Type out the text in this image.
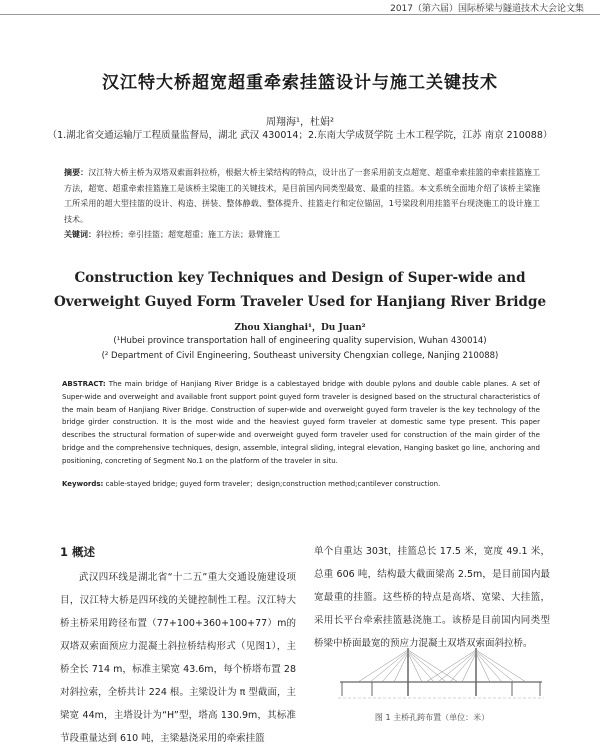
2017（第六届）国际桥梁与隧道技术大会论文集
汉江特大桥超宽超重牵索挂篮设计与施工关键技术
周翔海¹，杜娟²
（1.湖北省交通运输厅工程质量监督局，湖北 武汉 430014；2.东南大学成贤学院 土木工程学院，江苏 南京 210088）
摘要：汉江特大桥主桥为双塔双索面斜拉桥，根据大桥主梁结构的特点，设计出了一套采用前支点超宽、超重牵索挂篮的牵索挂篮施工方法，超宽、超重牵索挂篮施工是该桥主梁施工的关键技术，是目前国内同类型最宽、最重的挂篮。本文系统全面地介绍了该桥主梁施工所采用的超大型挂篮的设计、构造、拼装、整体静载、整体提升、挂篮走行和定位锚固，1号梁段利用挂篮平台现浇施工的设计施工技术。
关键词：斜拉桥；牵引挂篮；超宽超重；施工方法；悬臂施工
Construction key Techniques and Design of Super-wide and Overweight Guyed Form Traveler Used for Hanjiang River Bridge
Zhou Xianghai¹，Du Juan²
(¹Hubei province transportation hall of engineering quality supervision, Wuhan 430014)
(² Department of Civil Engineering, Southeast university Chengxian college, Nanjing 210088)
ABSTRACT: The main bridge of Hanjiang River Bridge is a cablestayed bridge with double pylons and double cable planes. A set of Super-wide and overweight and available front support point guyed form traveler is designed based on the structural characteristics of the main beam of Hanjiang River Bridge. Construction of super-wide and overweight guyed form traveler is the key technology of the bridge girder construction. It is the most wide and the heaviest guyed form traveler at domestic same type present. This paper describes the structural formation of super-wide and overweight guyed form traveler used for construction of the main girder of the bridge and the comprehensive techniques, design, assemble, integral sliding, integral elevation, Hanging basket go line, anchoring and positioning, concreting of Segment No.1 on the platform of the traveler in situ.
Keywords: cable-stayed bridge; guyed form traveler；design;construction method;cantilever construction.
1 概述
武汉四环线是湖北省“十二五”重大交通设施建设项目，汉江特大桥是四环线的关键控制性工程。汉江特大桥主桥采用跨径布置（77+100+360+100+77）m的双塔双索面预应力混凝土斜拉桥结构形式（见图1），主桥全长 714 m，标准主梁宽 43.6m，每个桥塔布置 28 对斜拉索，全桥共计 224 根。主梁设计为 π 型截面，主梁宽 44m，主塔设计为“H”型，塔高 130.9m，其标准节段重量达到 610 吨，主梁悬浇采用的牵索挂篮
单个自重达 303t，挂篮总长 17.5 米，宽度 49.1 米，总重 606 吨，结构最大截面梁高 2.5m，是目前国内最宽最重的挂篮。这些桥的特点是高塔、宽梁、大挂篮，采用长平台牵索挂篮悬浇施工。该桥是目前国内同类型桥梁中桥面最宽的预应力混凝土双塔双索面斜拉桥。
图 1 主桥孔跨布置（单位：米）
